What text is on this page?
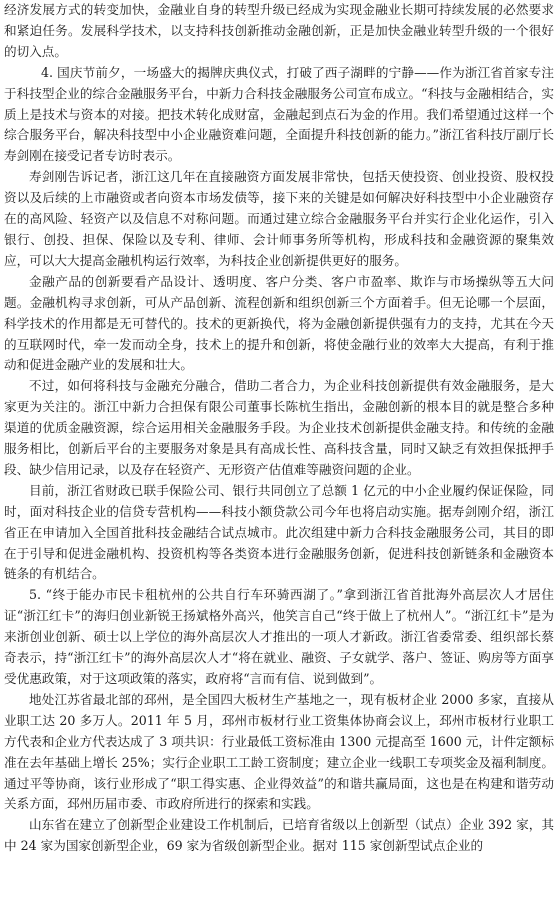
经济发展方式的转变加快，金融业自身的转型升级已经成为实现金融业长期可持续发展的必然要求和紧迫任务。发展科学技术，以支持科技创新推动金融创新，正是加快金融业转型升级的一个很好的切入点。

4. 国庆节前夕，一场盛大的揭牌庆典仪式，打破了西子湖畔的宁静——作为浙江省首家专注于科技型企业的综合金融服务平台，中新力合科技金融服务公司宣布成立。“科技与金融相结合，实质上是技术与资本的对接。把技术转化成财富，金融起到点石为金的作用。我们希望通过这样一个综合服务平台，解决科技型中小企业融资难问题，全面提升科技创新的能力。”浙江省科技厅副厅长寿剑刚在接受记者专访时表示。

寿剑刚告诉记者，浙江这几年在直接融资方面发展非常快，包括天使投资、创业投资、股权投资以及后续的上市融资或者向资本市场发债等，接下来的关键是如何解决好科技型中小企业融资存在的高风险、轻资产以及信息不对称问题。而通过建立综合金融服务平台并实行企业化运作，引入银行、创投、担保、保险以及专利、律师、会计师事务所等机构，形成科技和金融资源的聚集效应，可以大大提高金融机构运行效率，为科技企业创新提供更好的服务。

金融产品的创新要看产品设计、透明度、客户分类、客户市盈率、欺诈与市场操纵等五大问题。金融机构寻求创新，可从产品创新、流程创新和组织创新三个方面着手。但无论哪一个层面，科学技术的作用都是无可替代的。技术的更新换代，将为金融创新提供强有力的支持，尤其在今天的互联网时代，牵一发而动全身，技术上的提升和创新，将使金融行业的效率大大提高，有利于推动和促进金融产业的发展和壮大。

不过，如何将科技与金融充分融合，借助二者合力，为企业科技创新提供有效金融服务，是大家更为关注的。浙江中新力合担保有限公司董事长陈杭生指出，金融创新的根本目的就是整合多种渠道的优质金融资源，综合运用相关金融服务手段。为企业技术创新提供金融支持。和传统的金融服务相比，创新后平台的主要服务对象是具有高成长性、高科技含量，同时又缺乏有效担保抵押手段、缺少信用记录，以及存在轻资产、无形资产估值难等融资问题的企业。

目前，浙江省财政已联手保险公司、银行共同创立了总额 1 亿元的中小企业履约保证保险，同时，面对科技企业的信贷专营机构——科技小额贷款公司今年也将启动实施。据寿剑刚介绍，浙江省正在申请加入全国首批科技金融结合试点城市。此次组建中新力合科技金融服务公司，其目的即在于引导和促进金融机构、投资机构等各类资本进行金融服务创新，促进科技创新链条和金融资本链条的有机结合。

5. “终于能办市民卡租杭州的公共自行车环骑西湖了。”拿到浙江省首批海外高层次人才居住证“浙江红卡”的海归创业新锐王扬斌格外高兴，他笑言自己“终于做上了杭州人”。“浙江红卡”是为来浙创业创新、硕士以上学位的海外高层次人才推出的一项人才新政。浙江省委常委、组织部长蔡奇表示，持“浙江红卡”的海外高层次人才“将在就业、融资、子女就学、落户、签证、购房等方面享受优惠政策，对于这项政策的落实，政府将“言而有信、说到做到”。

地处江苏省最北部的邳州，是全国四大板材生产基地之一，现有板材企业 2000 多家，直接从业职工达 20 多万人。2011 年 5 月，邳州市板材行业工资集体协商会议上，邳州市板材行业职工方代表和企业方代表达成了 3 项共识：行业最低工资标准由 1300 元提高至 1600 元，计件定额标准在去年基础上增长 25%；实行企业职工工龄工资制度；建立企业一线职工专项奖金及福利制度。通过平等协商，该行业形成了“职工得实惠、企业得效益”的和谐共赢局面，这也是在构建和谐劳动关系方面，邳州历届市委、市政府所进行的探索和实践。

山东省在建立了创新型企业建设工作机制后，已培育省级以上创新型（试点）企业 392 家，其中 24 家为国家创新型企业，69 家为省级创新型企业。据对 115 家创新型试点企业的
